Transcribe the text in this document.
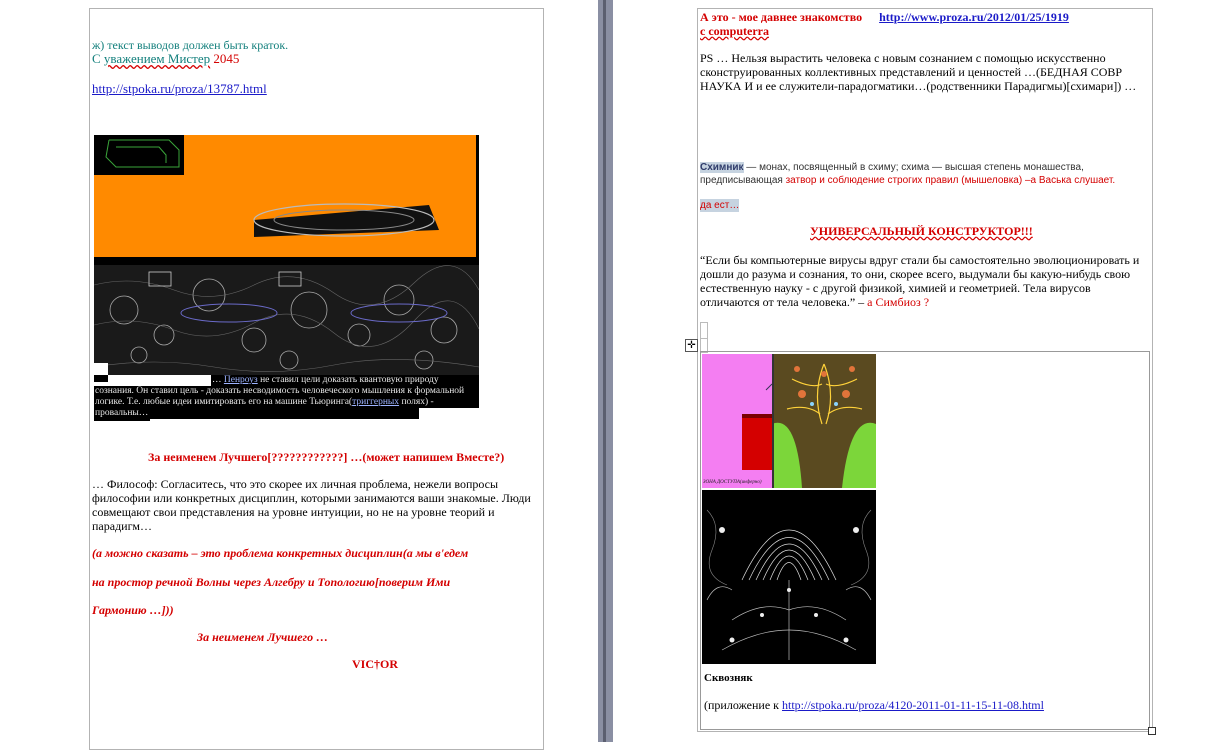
ж) текст выводов должен быть краток.
С уважением Мистер 2045
http://stpoka.ru/proza/13787.html
… Пенроуз не ставил цели доказать квантовую природу
сознания. Он ставил цель - доказать несводимость человеческого мышления к формальной
логике. Т.е. любые идеи имитировать его на машине Тьюринга(триггерных полях) -
провальны…
За неименем Лучшего[????????????] …(может напишем Вместе?)
… Философ: Согласитесь, что это скорее их личная проблема, нежели вопросы
философии или конкретных дисциплин, которыми занимаются ваши знакомые. Люди
совмещают свои представления на уровне интуиции, но не на уровне теорий и
парадигм…
(а можно сказать – это проблема конкретных дисциплин(а мы в'едем
на простор речной Волны через Алгебру и Топологию[поверим Ими
Гармонию …]))
За неименем Лучшего …
VIC†OR
А это - мое давнее знакомство http://www.proza.ru/2012/01/25/1919
с computerra
PS … Нельзя вырастить человека с новым сознанием с помощью искусственно
сконструированных коллективных представлений и ценностей …(БЕДНАЯ СОВР
НАУКА И и ее служители-парадогматики…(родственники Парадигмы)[схимари]) …
Схимник — монах, посвященный в схиму; схима — высшая степень монашества,
предписывающая затвор и соблюдение строгих правил (мышеловка) –а Васька слушает.
да ест…
УНИВЕРСАЛЬНЫЙ КОНСТРУКТОР!!!
“Если бы компьютерные вирусы вдруг стали бы самостоятельно эволюционировать и
дошли до разума и сознания, то они, скорее всего, выдумали бы какую-нибудь свою
естественную науку - с другой физикой, химией и геометрией. Тела вирусов
отличаются от тела человека.” – а Симбиоз ?
✛
ЗОНА ДОСТУПА(инферно)
Сквозняк
(приложение к http://stpoka.ru/proza/4120-2011-01-11-15-11-08.html
